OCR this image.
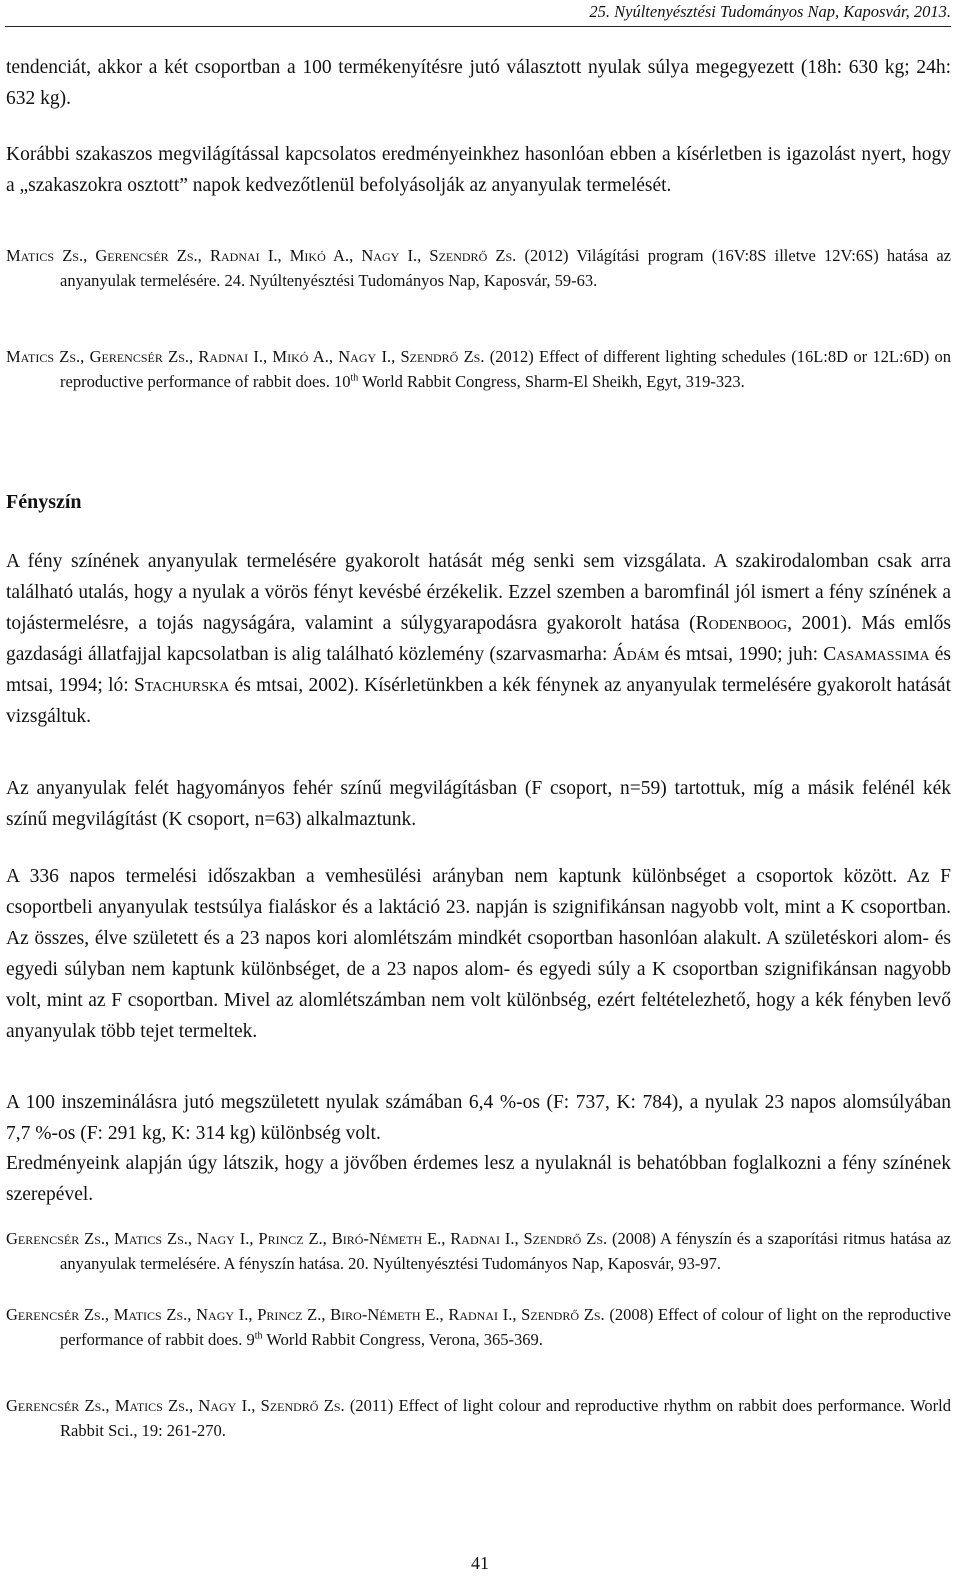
25. Nyúltenyésztési Tudományos Nap, Kaposvár, 2013.

tendenciát, akkor a két csoportban a 100 termékenyítésre jutó választott nyulak súlya megegyezett (18h: 630 kg; 24h: 632 kg).

Korábbi szakaszos megvilágítással kapcsolatos eredményeinkhez hasonlóan ebben a kísérletben is igazolást nyert, hogy a „szakaszokra osztott” napok kedvezőtlenül befolyásolják az anyanyulak termelését.

Matics Zs., Gerencsér Zs., Radnai I., Mikó A., Nagy I., Szendrő Zs. (2012) Világítási program (16V:8S illetve 12V:6S) hatása az anyanyulak termelésére. 24. Nyúltenyésztési Tudományos Nap, Kaposvár, 59-63.

Matics Zs., Gerencsér Zs., Radnai I., Mikó A., Nagy I., Szendrő Zs. (2012) Effect of different lighting schedules (16L:8D or 12L:6D) on reproductive performance of rabbit does. 10th World Rabbit Congress, Sharm-El Sheikh, Egyt, 319-323.

Fényszín

A fény színének anyanyulak termelésére gyakorolt hatását még senki sem vizsgálata. A szakirodalomban csak arra található utalás, hogy a nyulak a vörös fényt kevésbé érzékelik. Ezzel szemben a baromfinál jól ismert a fény színének a tojástermelésre, a tojás nagyságára, valamint a súlygyarapodásra gyakorolt hatása (Rodenboog, 2001). Más emlős gazdasági állatfajjal kapcsolatban is alig található közlemény (szarvasmarha: Ádám és mtsai, 1990; juh: Casamassima és mtsai, 1994; ló: Stachurska és mtsai, 2002). Kísérletünkben a kék fénynek az anyanyulak termelésére gyakorolt hatását vizsgáltuk.

Az anyanyulak felét hagyományos fehér színű megvilágításban (F csoport, n=59) tartottuk, míg a másik felénél kék színű megvilágítást (K csoport, n=63) alkalmaztunk.

A 336 napos termelési időszakban a vemhesülési arányban nem kaptunk különbséget a csoportok között. Az F csoportbeli anyanyulak testsúlya fialáskor és a laktáció 23. napján is szignifikánsan nagyobb volt, mint a K csoportban. Az összes, élve született és a 23 napos kori alomlétszám mindkét csoportban hasonlóan alakult. A születéskori alom- és egyedi súlyban nem kaptunk különbséget, de a 23 napos alom- és egyedi súly a K csoportban szignifikánsan nagyobb volt, mint az F csoportban. Mivel az alomlétszámban nem volt különbség, ezért feltételezhető, hogy a kék fényben levő anyanyulak több tejet termeltek.

A 100 inszeminálásra jutó megszületett nyulak számában 6,4 %-os (F: 737, K: 784), a nyulak 23 napos alomsúlyában 7,7 %-os (F: 291 kg, K: 314 kg) különbség volt.

Eredményeink alapján úgy látszik, hogy a jövőben érdemes lesz a nyulaknál is behatóbban foglalkozni a fény színének szerepével.

Gerencsér Zs., Matics Zs., Nagy I., Princz Z., Biró-Németh E., Radnai I., Szendrő Zs. (2008) A fényszín és a szaporítási ritmus hatása az anyanyulak termelésére. A fényszín hatása. 20. Nyúltenyésztési Tudományos Nap, Kaposvár, 93-97.

Gerencsér Zs., Matics Zs., Nagy I., Princz Z., Biro-Németh E., Radnai I., Szendrő Zs. (2008) Effect of colour of light on the reproductive performance of rabbit does. 9th World Rabbit Congress, Verona, 365-369.

Gerencsér Zs., Matics Zs., Nagy I., Szendrő Zs. (2011) Effect of light colour and reproductive rhythm on rabbit does performance. World Rabbit Sci., 19: 261-270.

41
